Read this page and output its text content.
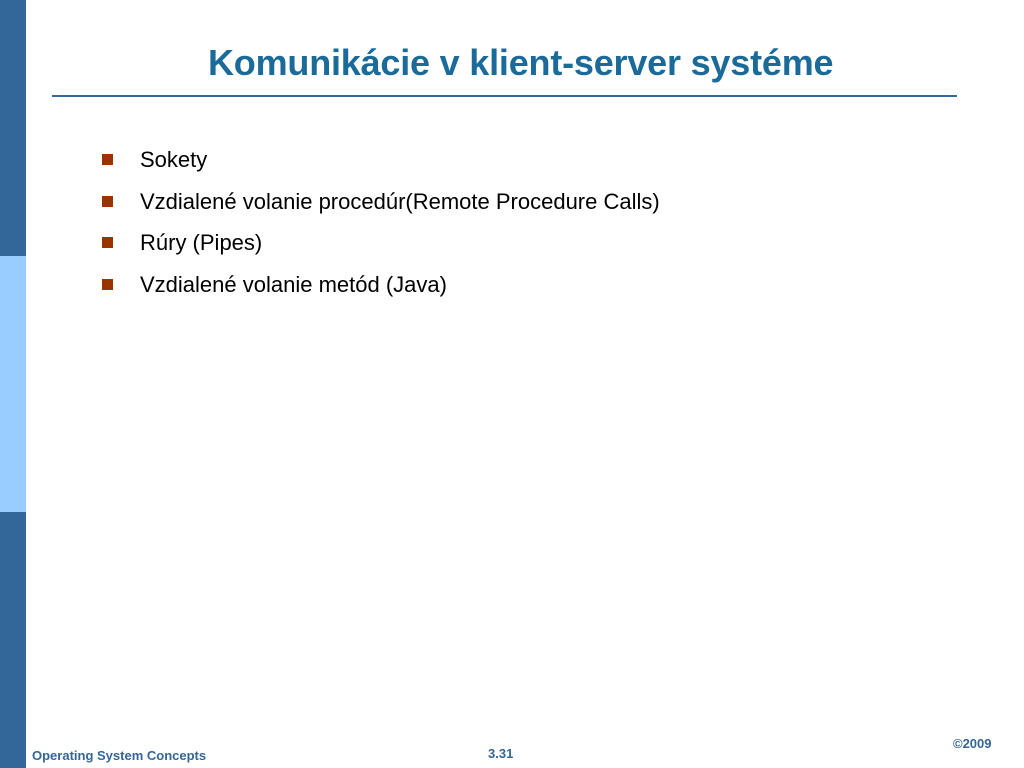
Komunikácie v klient-server systéme
Sokety
Vzdialené volanie procedúr(Remote Procedure Calls)
Rúry (Pipes)
Vzdialené volanie metód (Java)
Operating System Concepts	3.31
©2009
